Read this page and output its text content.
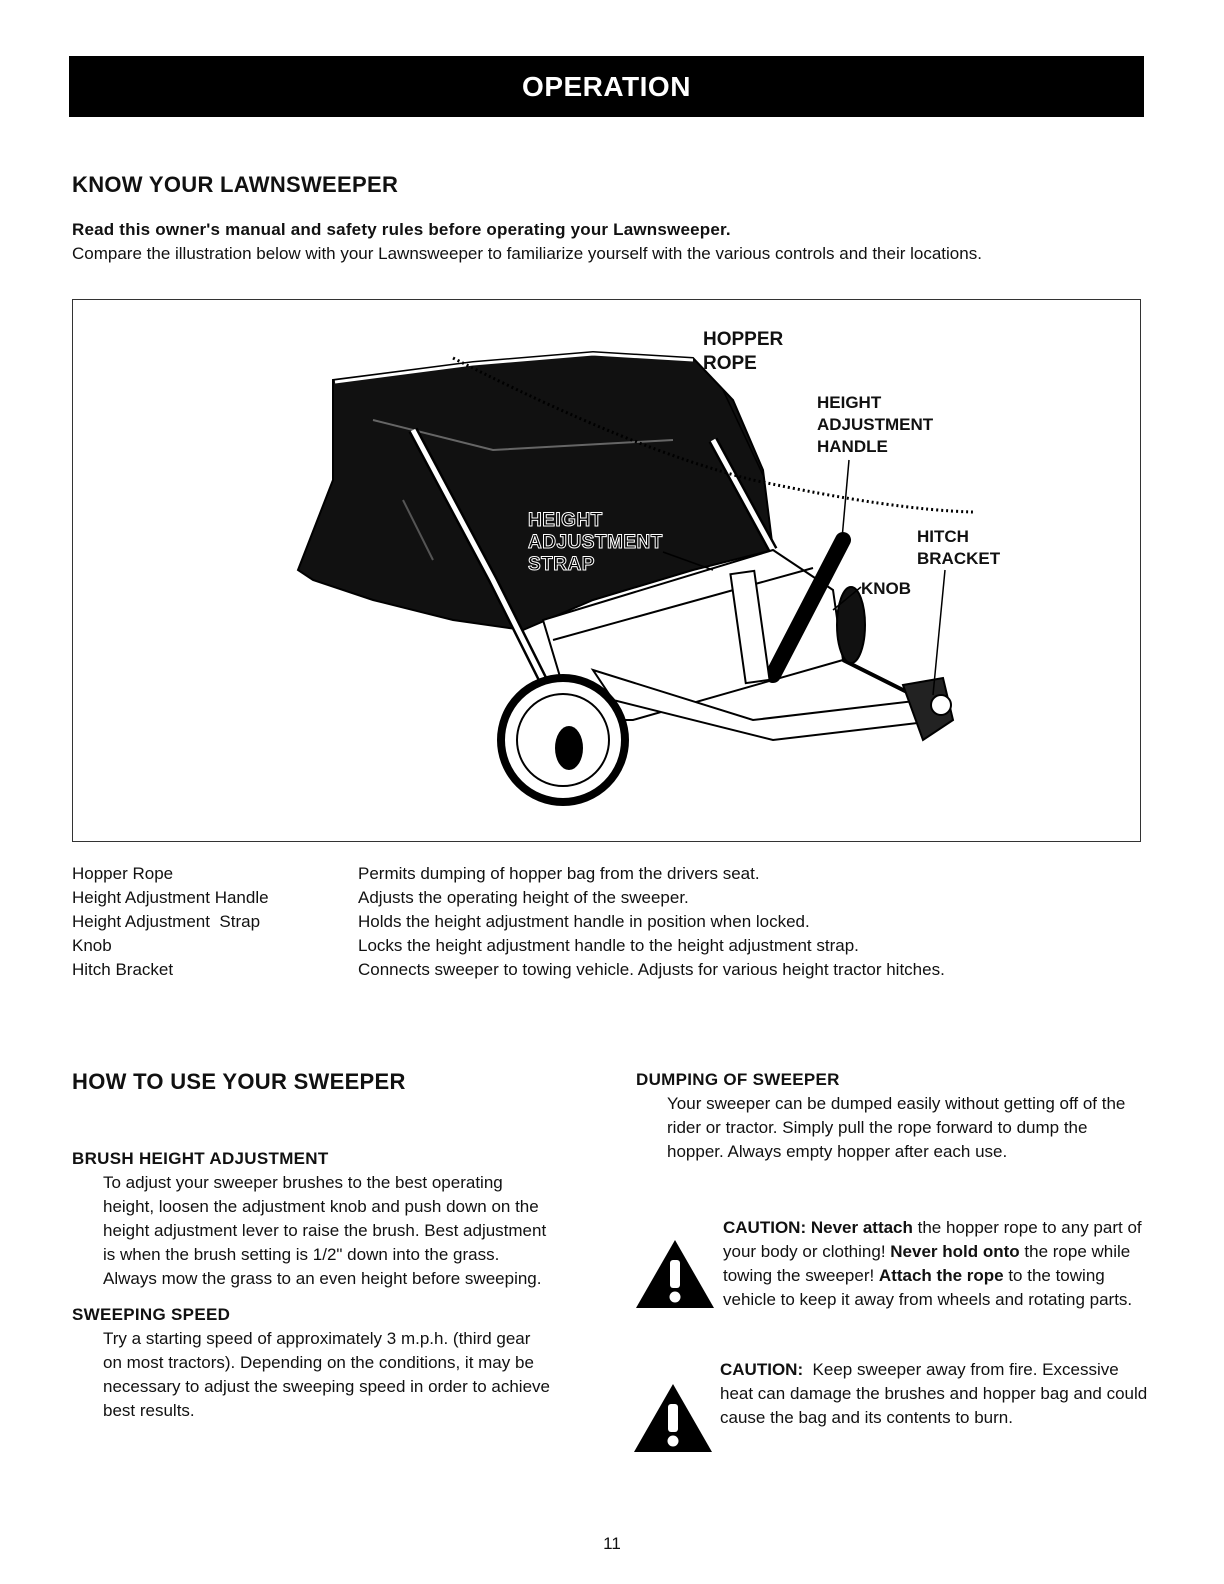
OPERATION
KNOW YOUR LAWNSWEEPER
Read this owner's manual and safety rules before operating your Lawnsweeper.
Compare the illustration below with your Lawnsweeper to familiarize yourself with the various controls and their locations.
HOPPER
ROPE
HEIGHT
ADJUSTMENT
HANDLE
HITCH
BRACKET
KNOB
HEIGHT
ADJUSTMENT
STRAP
Hopper Rope	Permits dumping of hopper bag from the drivers seat.
Height Adjustment Handle	Adjusts the operating height of the sweeper.
Height Adjustment  Strap	Holds the height adjustment handle in position when locked.
Knob	Locks the height adjustment handle to the height adjustment strap.
Hitch Bracket	Connects sweeper to towing vehicle. Adjusts for various height tractor hitches.
HOW TO USE YOUR SWEEPER
BRUSH HEIGHT ADJUSTMENT
To adjust your sweeper brushes to the best operating height, loosen the adjustment knob and push down on the height adjustment lever to raise the brush. Best adjustment is when the brush setting is 1/2" down into the grass. Always mow the grass to an even height before sweeping.
SWEEPING SPEED
Try a starting speed of approximately 3 m.p.h. (third gear on most tractors). Depending on the conditions, it may be necessary to adjust the sweeping speed in order to achieve best results.
DUMPING OF SWEEPER
Your sweeper can be dumped easily without getting off of the rider or tractor. Simply pull the rope forward to dump the hopper. Always empty hopper after each use.
CAUTION: Never attach the hopper rope to any part of your body or clothing! Never hold onto the rope while towing the sweeper! Attach the rope to the towing vehicle to keep it away from wheels and rotating parts.
CAUTION:  Keep sweeper away from fire. Excessive heat can damage the brushes and hopper bag and could cause the bag and its contents to burn.
11
